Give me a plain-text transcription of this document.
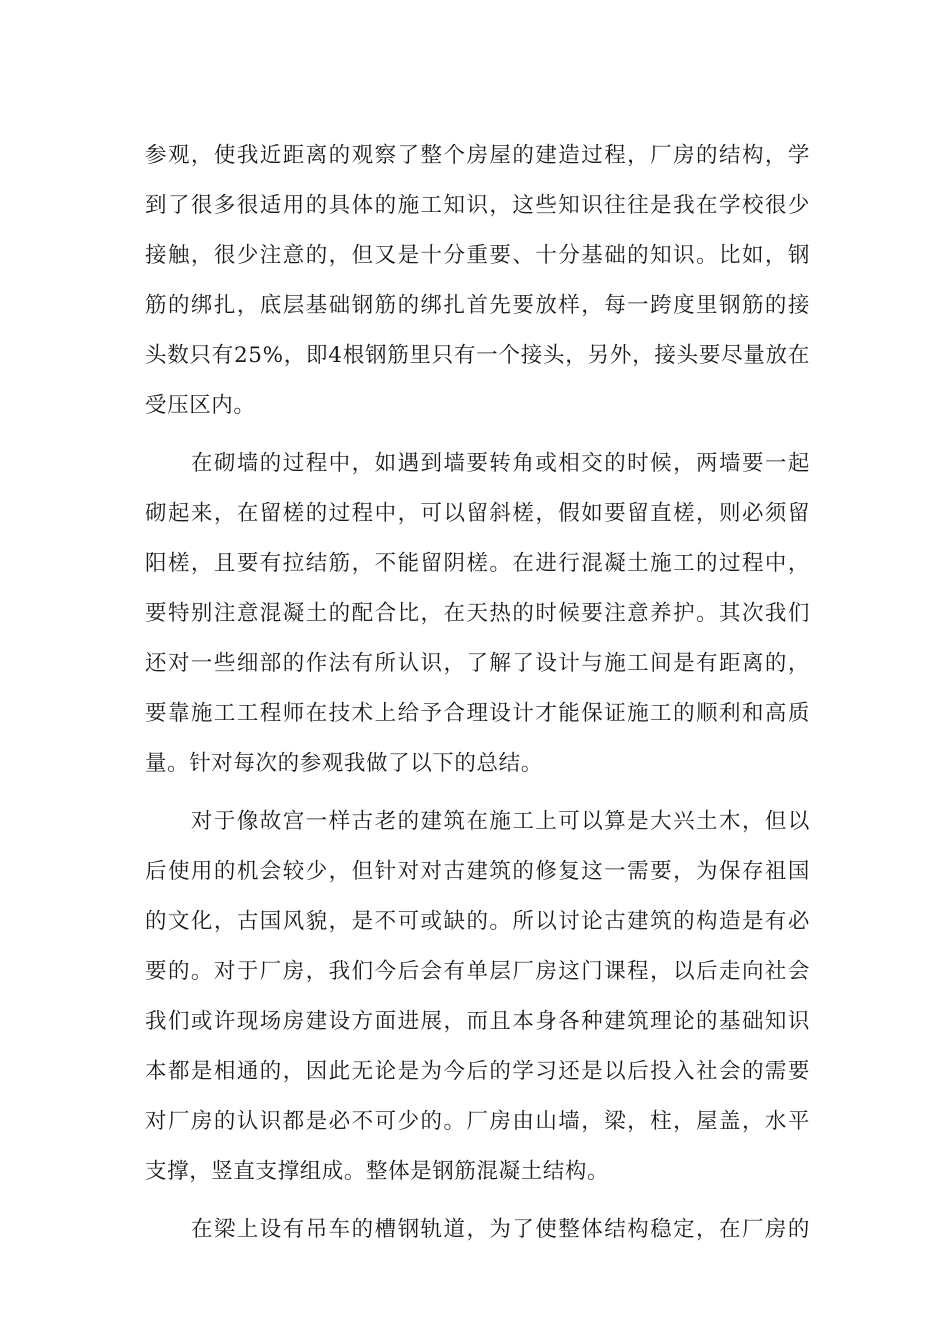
参观，使我近距离的观察了整个房屋的建造过程，厂房的结构，学
到了很多很适用的具体的施工知识，这些知识往往是我在学校很少
接触，很少注意的，但又是十分重要、十分基础的知识。比如，钢
筋的绑扎，底层基础钢筋的绑扎首先要放样，每一跨度里钢筋的接
头数只有25%，即4根钢筋里只有一个接头，另外，接头要尽量放在
受压区内。
　　在砌墙的过程中，如遇到墙要转角或相交的时候，两墙要一起
砌起来，在留槎的过程中，可以留斜槎，假如要留直槎，则必须留
阳槎，且要有拉结筋，不能留阴槎。在进行混凝土施工的过程中，
要特别注意混凝土的配合比，在天热的时候要注意养护。其次我们
还对一些细部的作法有所认识，了解了设计与施工间是有距离的，
要靠施工工程师在技术上给予合理设计才能保证施工的顺利和高质
量。针对每次的参观我做了以下的总结。
　　对于像故宫一样古老的建筑在施工上可以算是大兴土木，但以
后使用的机会较少，但针对对古建筑的修复这一需要，为保存祖国
的文化，古国风貌，是不可或缺的。所以讨论古建筑的构造是有必
要的。对于厂房，我们今后会有单层厂房这门课程，以后走向社会
我们或许现场房建设方面进展，而且本身各种建筑理论的基础知识
本都是相通的，因此无论是为今后的学习还是以后投入社会的需要
对厂房的认识都是必不可少的。厂房由山墙，梁，柱，屋盖，水平
支撑，竖直支撑组成。整体是钢筋混凝土结构。
　　在梁上设有吊车的槽钢轨道，为了使整体结构稳定，在厂房的
